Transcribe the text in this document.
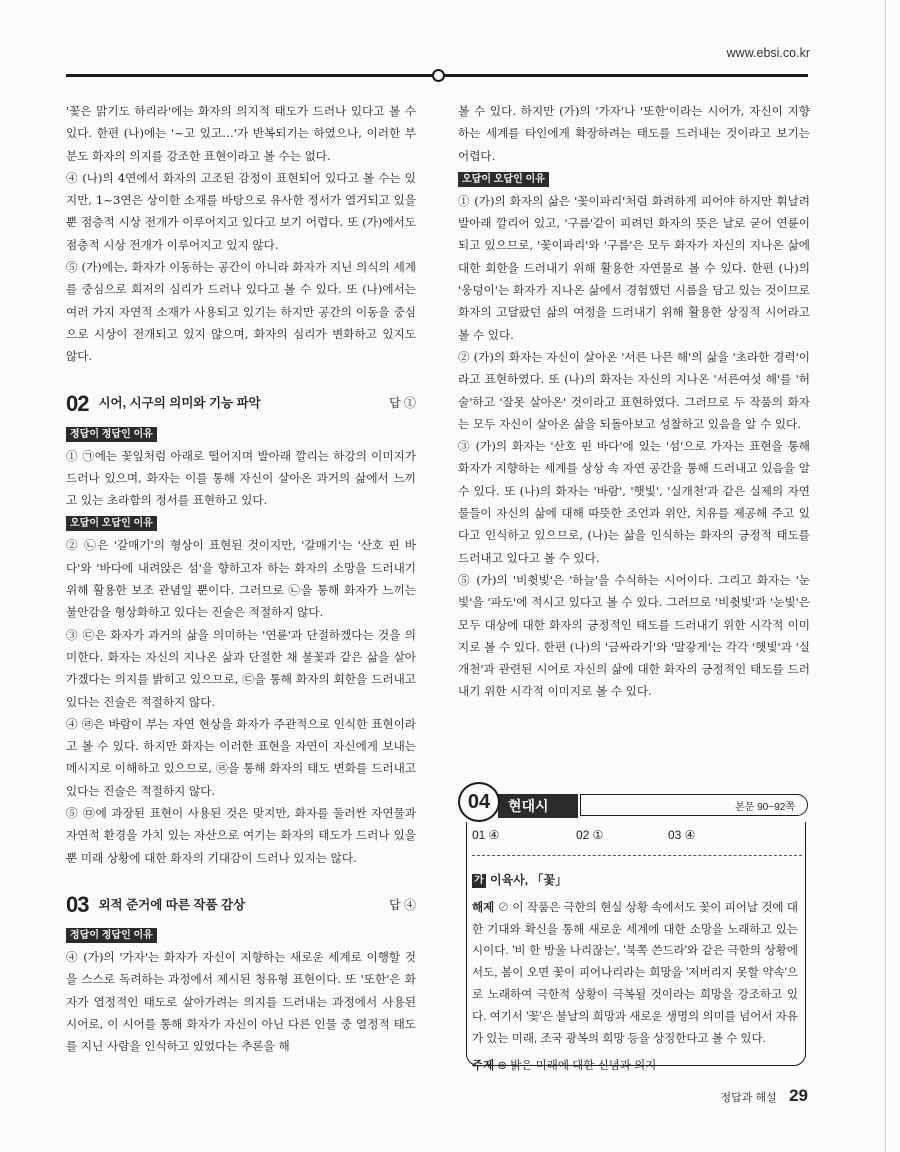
www.ebsi.co.kr

'꽃은 맑기도 하리라'에는 화자의 의지적 태도가 드러나 있다고 볼 수 있다. 한편 (나)에는 '~고 있고…'가 반복되기는 하였으나, 이러한 부분도 화자의 의지를 강조한 표현이라고 볼 수는 없다.

④ (나)의 4연에서 화자의 고조된 감정이 표현되어 있다고 볼 수는 있지만, 1~3연은 상이한 소재를 바탕으로 유사한 정서가 열거되고 있을 뿐 점층적 시상 전개가 이루어지고 있다고 보기 어렵다. 또 (가)에서도 점층적 시상 전개가 이루어지고 있지 않다.

⑤ (가)에는, 화자가 이동하는 공간이 아니라 화자가 지닌 의식의 세계를 중심으로 회저의 심리가 드러나 있다고 볼 수 있다. 또 (나)에서는 여러 가지 자연적 소재가 사용되고 있기는 하지만 공간의 이동을 중심으로 시상이 전개되고 있지 않으며, 화자의 심리가 변화하고 있지도 않다.

02 시어, 시구의 의미와 기능 파악	답 ①
정답이 정답인 이유

① ㉠에는 꽃잎처럼 아래로 떨어지며 발아래 깔리는 하강의 이미지가 드러나 있으며, 화자는 이를 통해 자신이 살아온 과거의 삶에서 느끼고 있는 초라함의 정서를 표현하고 있다.

오답이 오답인 이유

② ㉡은 '갈매기'의 형상이 표현된 것이지만, '갈매기'는 '산호 핀 바다'와 '바다에 내려앉은 섬'을 향하고자 하는 화자의 소망을 드러내기 위해 활용한 보조 관념일 뿐이다. 그러므로 ㉡을 통해 화자가 느끼는 불안감을 형상화하고 있다는 진술은 적절하지 않다.

③ ㉢은 화자가 과거의 삶을 의미하는 '연륜'과 단절하겠다는 것을 의미한다. 화자는 자신의 지나온 삶과 단절한 채 불꽃과 같은 삶을 살아가겠다는 의지를 밝히고 있으므로, ㉢을 통해 화자의 회한을 드러내고 있다는 진술은 적절하지 않다.

④ ㉣은 바람이 부는 자연 현상을 화자가 주관적으로 인식한 표현이라고 볼 수 있다. 하지만 화자는 이러한 표현을 자연이 자신에게 보내는 메시지로 이해하고 있으므로, ㉣을 통해 화자의 태도 변화를 드러내고 있다는 진술은 적절하지 않다.

⑤ ㉤에 과장된 표현이 사용된 것은 맞지만, 화자를 둘러싼 자연물과 자연적 환경을 가치 있는 자산으로 여기는 화자의 태도가 드러나 있을 뿐 미래 상황에 대한 화자의 기대감이 드러나 있지는 않다.

03 외적 준거에 따른 작품 감상	답 ④
정답이 정답인 이유

④ (가)의 '가자'는 화자가 자신이 지향하는 새로운 세계로 이행할 것을 스스로 독려하는 과정에서 제시된 청유형 표현이다. 또 '또한'은 화자가 열정적인 태도로 살아가려는 의지를 드러내는 과정에서 사용된 시어로, 이 시어를 통해 화자가 자신이 아닌 다른 인물 중 열정적 태도를 지닌 사람을 인식하고 있었다는 추론을 해

볼 수 있다. 하지만 (가)의 '가자'나 '또한'이라는 시어가, 자신이 지향하는 세계를 타인에게 확장하려는 태도를 드러내는 것이라고 보기는 어렵다.

오답이 오답인 이유

① (가)의 화자의 삶은 '꽃이파리'처럼 화려하게 피어야 하지만 휘날려 발아래 깔리어 있고, '구름'같이 피려던 화자의 뜻은 날로 굳어 연륜이 되고 있으므로, '꽃이파리'와 '구름'은 모두 화자가 자신의 지나온 삶에 대한 회한을 드러내기 위해 활용한 자연물로 볼 수 있다. 한편 (나)의 '웅덩이'는 화자가 지나온 삶에서 경험했던 시름을 담고 있는 것이므로 화자의 고달팠던 삶의 여정을 드러내기 위해 활용한 상징적 시어라고 볼 수 있다.

② (가)의 화자는 자신이 살아온 '서른 나믄 해'의 삶을 '초라한 경력'이라고 표현하였다. 또 (나)의 화자는 자신의 지나온 '서른여섯 해'를 '허술'하고 '잘못 살아온' 것이라고 표현하였다. 그러므로 두 작품의 화자는 모두 자신이 살아온 삶을 되돌아보고 성찰하고 있음을 알 수 있다.

③ (가)의 화자는 '산호 핀 바다'에 있는 '섬'으로 가자는 표현을 통해 화자가 지향하는 세계를 상상 속 자연 공간을 통해 드러내고 있음을 알 수 있다. 또 (나)의 화자는 '바람', '햇빛', '실개천'과 같은 실제의 자연물들이 자신의 삶에 대해 따뜻한 조언과 위안, 치유를 제공해 주고 있다고 인식하고 있으므로, (나)는 삶을 인식하는 화자의 긍정적 태도를 드러내고 있다고 볼 수 있다.

⑤ (가)의 '비췻빛'은 '하늘'을 수식하는 시어이다. 그리고 화자는 '눈빛'을 '파도'에 적시고 있다고 볼 수 있다. 그러므로 '비췻빛'과 '눈빛'은 모두 대상에 대한 화자의 긍정적인 태도를 드러내기 위한 시각적 이미지로 볼 수 있다. 한편 (나)의 '금싸라기'와 '말갛게'는 각각 '햇빛'과 '실개천'과 관련된 시어로 자신의 삶에 대한 화자의 긍정적인 태도를 드러내기 위한 시각적 이미지로 볼 수 있다.

04	현대시	본문 90~92쪽
01 ④	02 ①	03 ④
가 이육사, 「꽃」

해제 ⊘ 이 작품은 극한의 현실 상황 속에서도 꽃이 피어날 것에 대한 기대와 확신을 통해 새로운 세계에 대한 소망을 노래하고 있는 시이다. '비 한 방울 나리잖는', '북쪽 쓴드라'와 같은 극한의 상황에서도, 봄이 오면 꽃이 피어나리라는 희망을 '저버리지 못할 약속'으로 노래하여 극한적 상황이 극복될 것이라는 희망을 강조하고 있다. 여기서 '꽃'은 불날의 희망과 새로운 생명의 의미를 넘어서 자유가 있는 미래, 조국 광복의 희망 등을 상징한다고 볼 수 있다.

주제 ⊛ 밝은 미래에 대한 신념과 의지

정답과 해설 29
